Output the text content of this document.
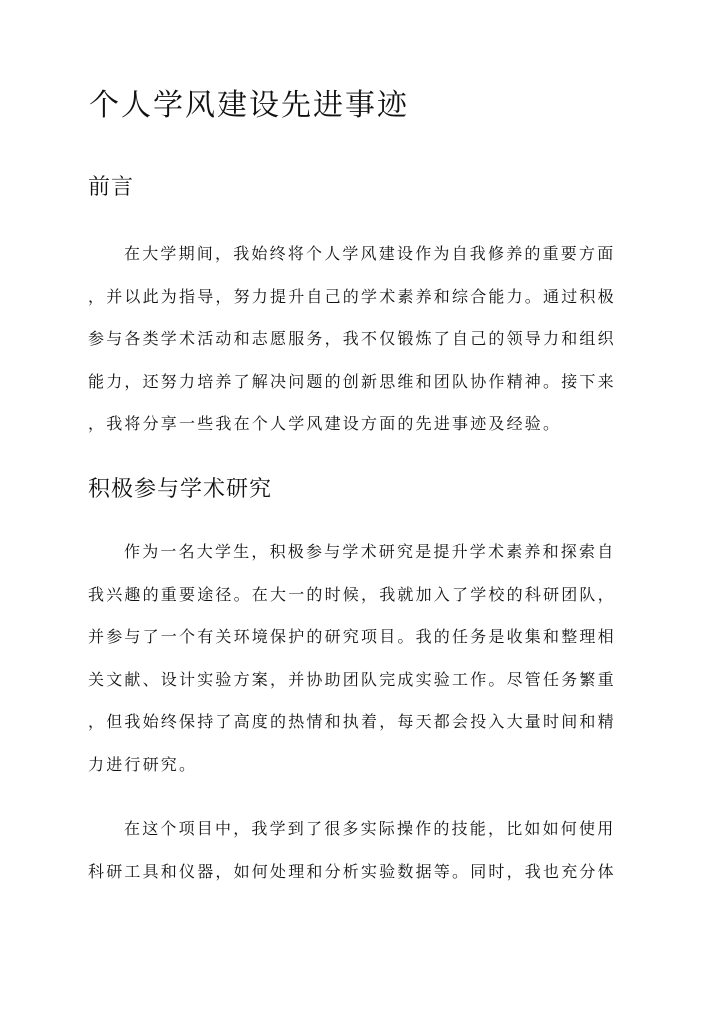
个人学风建设先进事迹
前言

在大学期间，我始终将个人学风建设作为自我修养的重要方面
，并以此为指导，努力提升自己的学术素养和综合能力。通过积极
参与各类学术活动和志愿服务，我不仅锻炼了自己的领导力和组织
能力，还努力培养了解决问题的创新思维和团队协作精神。接下来
，我将分享一些我在个人学风建设方面的先进事迹及经验。

积极参与学术研究

作为一名大学生，积极参与学术研究是提升学术素养和探索自
我兴趣的重要途径。在大一的时候，我就加入了学校的科研团队，
并参与了一个有关环境保护的研究项目。我的任务是收集和整理相
关文献、设计实验方案，并协助团队完成实验工作。尽管任务繁重
，但我始终保持了高度的热情和执着，每天都会投入大量时间和精
力进行研究。

在这个项目中，我学到了很多实际操作的技能，比如如何使用
科研工具和仪器，如何处理和分析实验数据等。同时，我也充分体
